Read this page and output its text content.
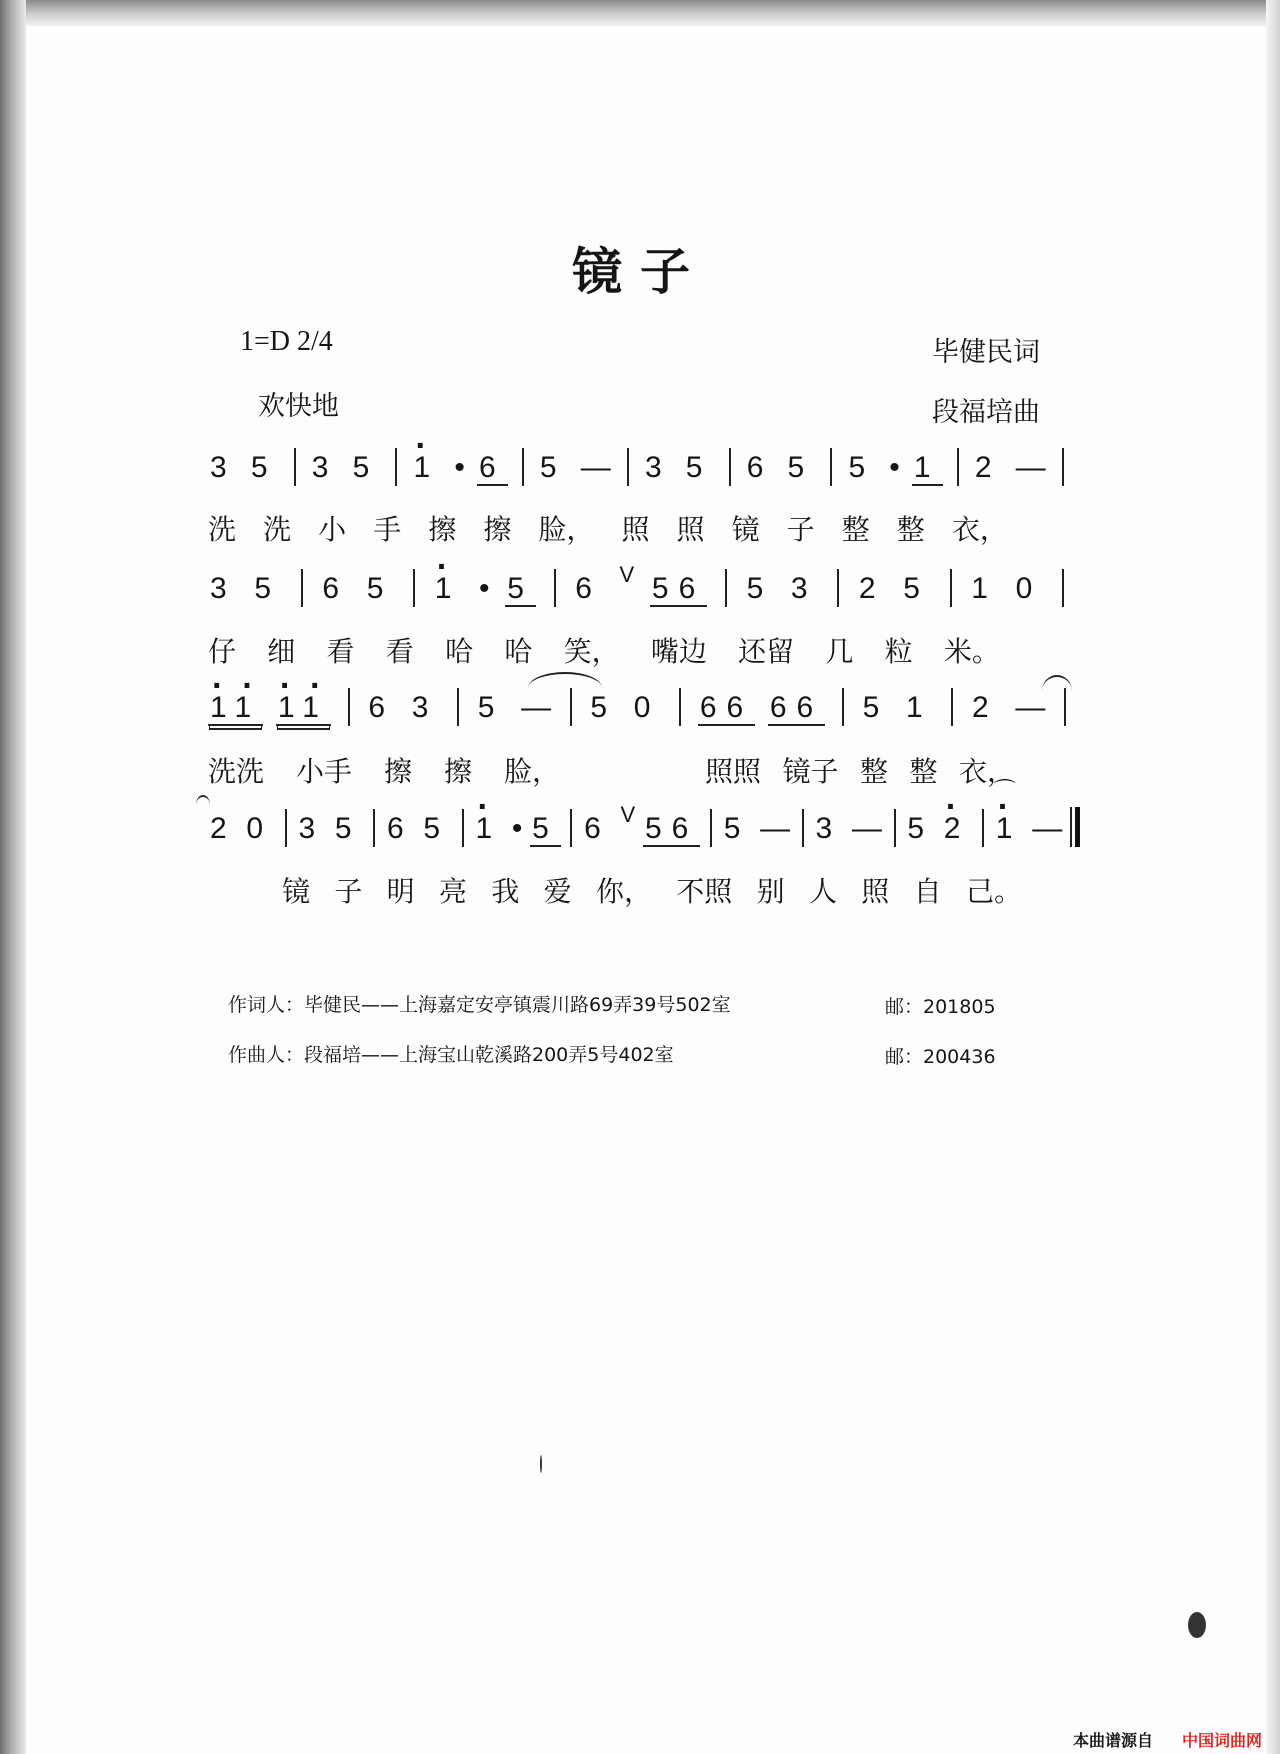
镜子
1=D 2/4
欢快地
毕健民词
段福培曲
3 5 3 5 · 1 • 6 5 — 3 5 6 5 5 • 1 2 —
洗 洗 小 手 擦 擦 脸， 照 照 镜 子 整 整 衣，
3 5 6 5 · 1 • 5 6 V 56 5 3 2 5 1 0
仔 细 看 看 哈 哈 笑， 嘴边 还留 几 粒 米。
· · 11 · · 11 6 3 5 — 5 0 66 66 5 1 2 —
洗洗 小手 擦 擦 脸，	照照 镜子 整 整 衣，
2 0 3 5 6 5 · 1 • 5 6 V 56 5 — 3 — 5 · 2 · 1 ⌒ —
镜 子 明 亮 我 爱 你， 不照 别 人 照 自 己。
作词人：毕健民——上海嘉定安亭镇震川路69弄39号502室	邮：201805
作曲人：段福培——上海宝山乾溪路200弄5号402室	邮：200436
本曲谱源自 中国词曲网
